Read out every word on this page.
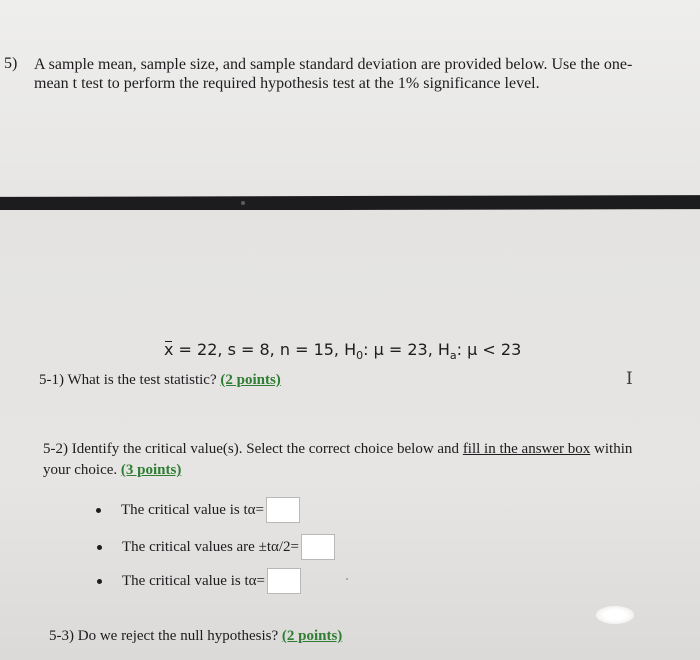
5) A sample mean, sample size, and sample standard deviation are provided below. Use the one-mean t test to perform the required hypothesis test at the 1% significance level.
x = 22, s = 8, n = 15, $H_0$: μ = 23, $H_a$: μ < 23
5-1) What is the test statistic? (2 points)	I
5-2) Identify the critical value(s). Select the correct choice below and fill in the answer box within your choice. (3 points)
The critical value is tα=
The critical values are ±tα/2=
The critical value is tα=
5-3) Do we reject the null hypothesis? (2 points)
